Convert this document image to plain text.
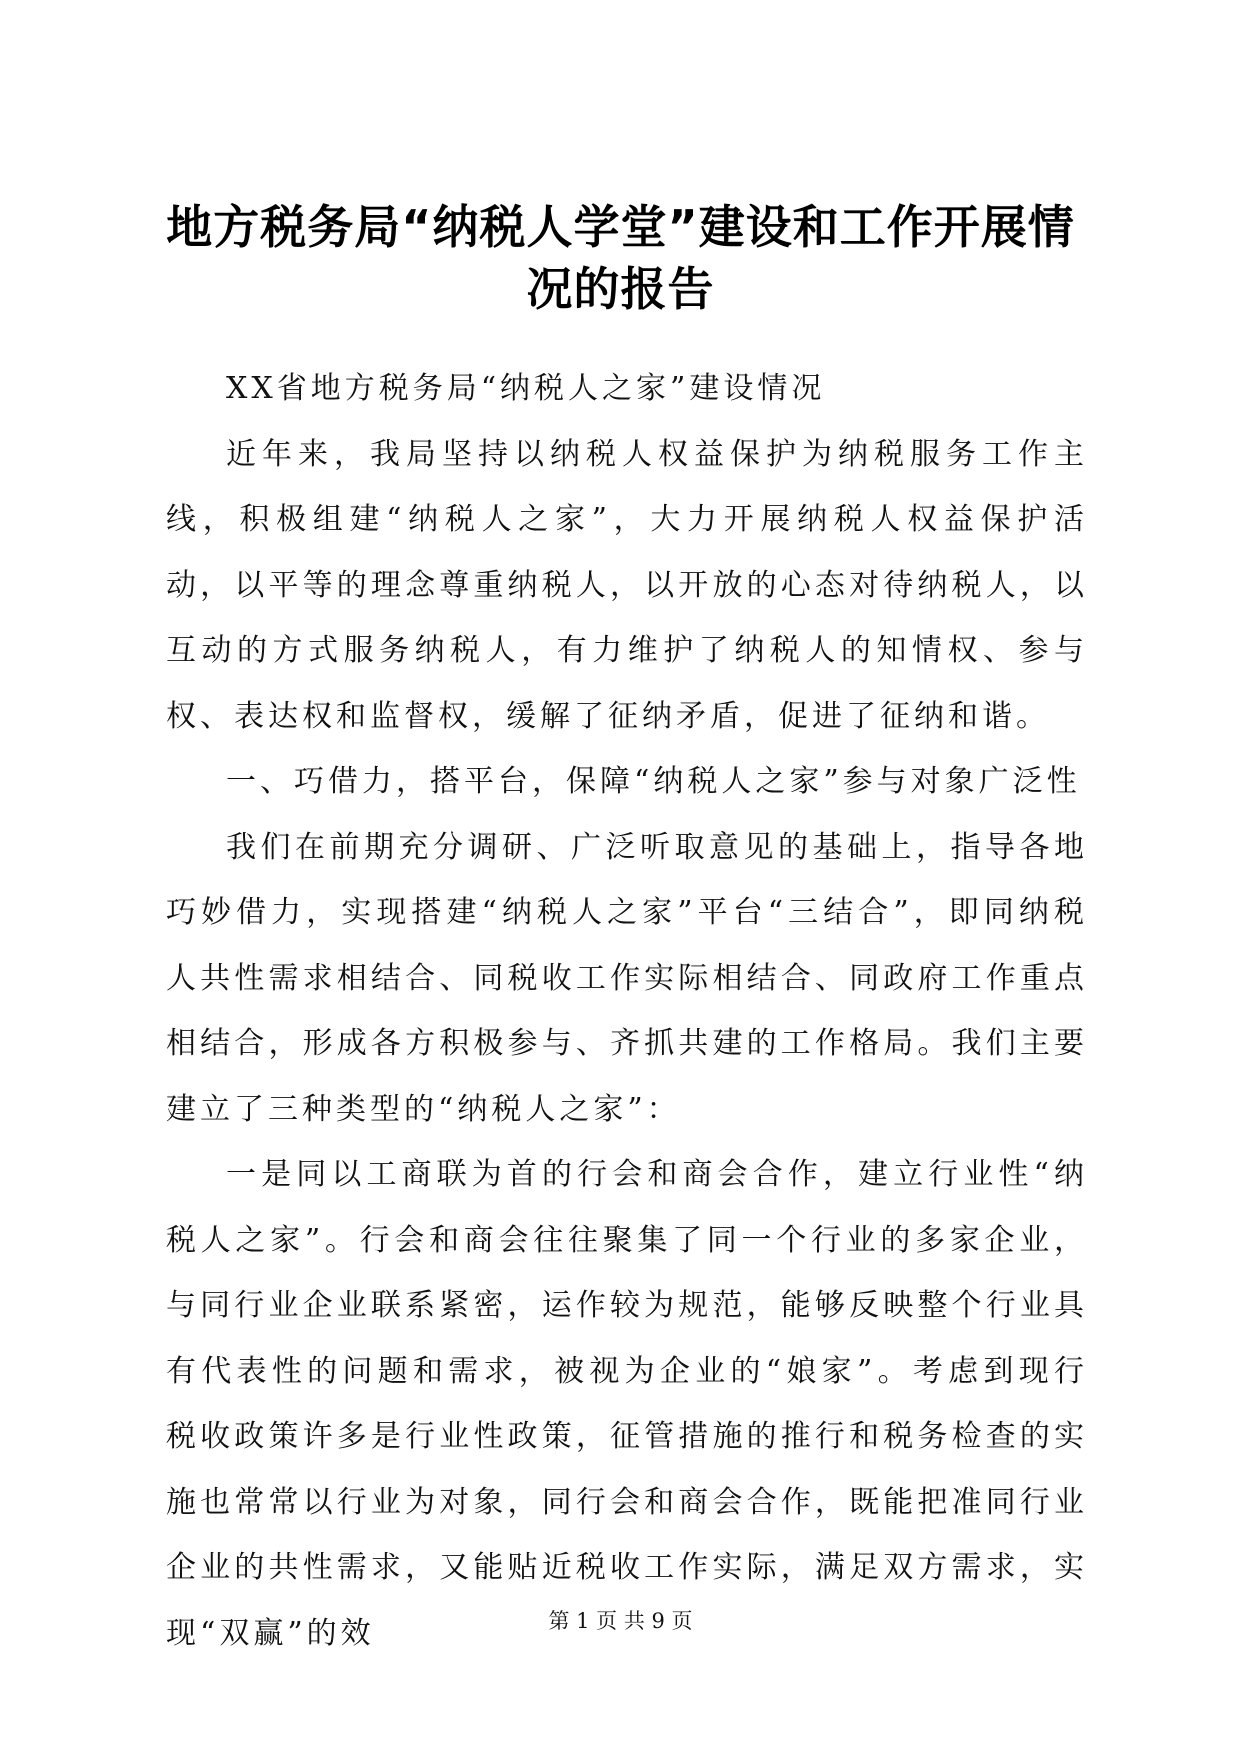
地方税务局“纳税人学堂”建设和工作开展情况的报告

XX省地方税务局“纳税人之家”建设情况

近年来，我局坚持以纳税人权益保护为纳税服务工作主线，积极组建“纳税人之家”，大力开展纳税人权益保护活动，以平等的理念尊重纳税人，以开放的心态对待纳税人，以互动的方式服务纳税人，有力维护了纳税人的知情权、参与权、表达权和监督权，缓解了征纳矛盾，促进了征纳和谐。

一、巧借力，搭平台，保障“纳税人之家”参与对象广泛性

我们在前期充分调研、广泛听取意见的基础上，指导各地巧妙借力，实现搭建“纳税人之家”平台“三结合”，即同纳税人共性需求相结合、同税收工作实际相结合、同政府工作重点相结合，形成各方积极参与、齐抓共建的工作格局。我们主要建立了三种类型的“纳税人之家”：

一是同以工商联为首的行会和商会合作，建立行业性“纳税人之家”。行会和商会往往聚集了同一个行业的多家企业，与同行业企业联系紧密，运作较为规范，能够反映整个行业具有代表性的问题和需求，被视为企业的“娘家”。考虑到现行税收政策许多是行业性政策，征管措施的推行和税务检查的实施也常常以行业为对象，同行会和商会合作，既能把准同行业企业的共性需求，又能贴近税收工作实际，满足双方需求，实现“双赢”的效	第 1 页 共 9 页
